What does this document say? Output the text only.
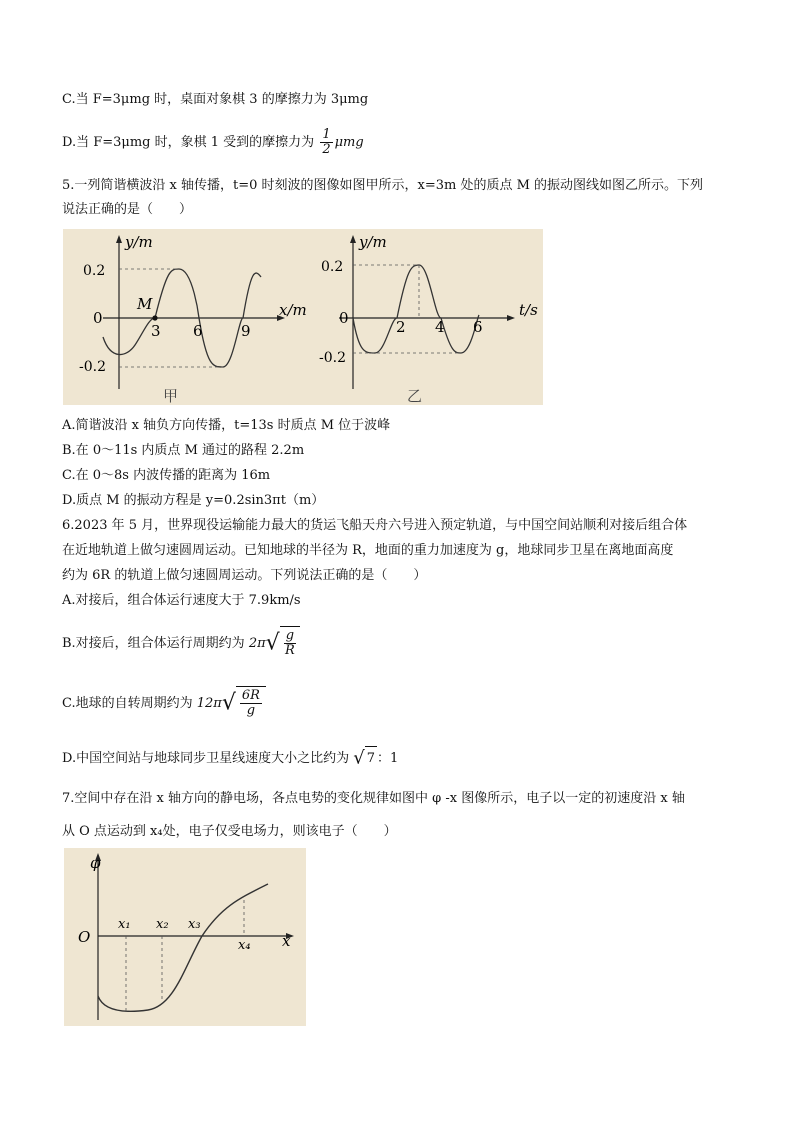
C.当 F=3μmg 时，桌面对象棋 3 的摩擦力为 3μmg
D.当 F=3μmg 时，象棋 1 受到的摩擦力为 $\frac{1}{2}$ μmg
5.一列简谐横波沿 x 轴传播，t=0 时刻波的图像如图甲所示，x=3m 处的质点 M 的振动图线如图乙所示。下列
说法正确的是（　　）
y/m
x/m
0
0.2
-0.2
3 6	9
M
甲
y/m
t/s
0
0.2
-0.2
2 4 6
乙
A.简谐波沿 x 轴负方向传播，t=13s 时质点 M 位于波峰
B.在 0～11s 内质点 M 通过的路程 2.2m
C.在 0～8s 内波传播的距离为 16m
D.质点 M 的振动方程是 y=0.2sin3πt（m）
6.2023 年 5 月，世界现役运输能力最大的货运飞船天舟六号进入预定轨道，与中国空间站顺利对接后组合体
在近地轨道上做匀速圆周运动。已知地球的半径为 R，地面的重力加速度为 g，地球同步卫星在离地面高度
约为 6R 的轨道上做匀速圆周运动。下列说法正确的是（　　）
A.对接后，组合体运行速度大于 7.9km/s
B.对接后，组合体运行周期约为 $2\pi√ \frac{g}{R}$
C.地球的自转周期约为 $12\pi√ \frac{6R}{g}$
D.中国空间站与地球同步卫星线速度大小之比约为 √ 7 ：1
7.空间中存在沿 x 轴方向的静电场，各点电势的变化规律如图中 φ -x 图像所示，电子以一定的初速度沿 x 轴
从 O 点运动到 x₄处，电子仅受电场力，则该电子（　　）
φ
x
O
x₁ x₂ x₃
x₄
